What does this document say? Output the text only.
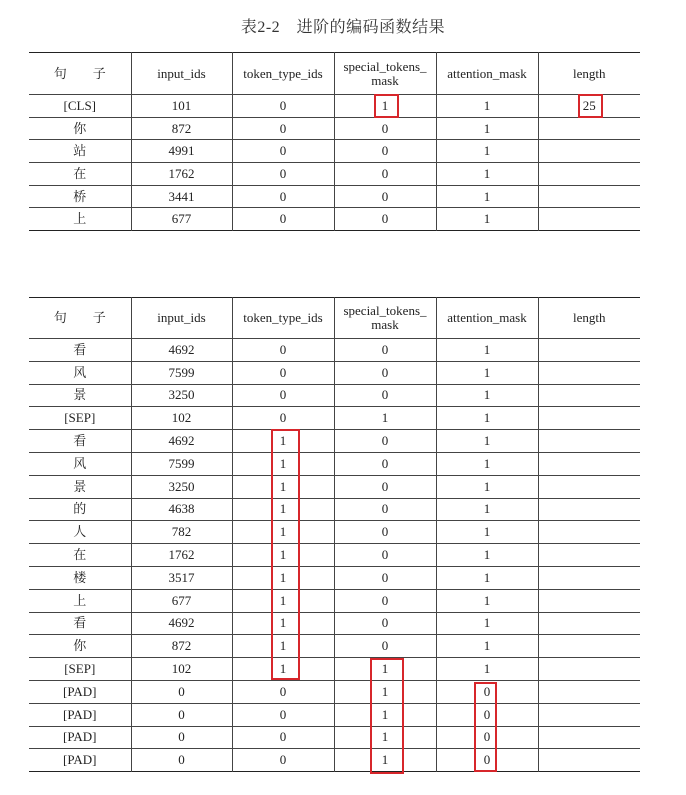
表2-2　进阶的编码函数结果
句　　子	input_ids	token_type_ids	special_tokens_mask	attention_mask	length
[CLS]	101	0	1	1	25
你	872	0	0	1	
站	4991	0	0	1	
在	1762	0	0	1	
桥	3441	0	0	1	
上	677	0	0	1	
句　　子	input_ids	token_type_ids	special_tokens_mask	attention_mask	length
看	4692	0	0	1	
风	7599	0	0	1	
景	3250	0	0	1	
[SEP]	102	0	1	1	
看	4692	1	0	1	
风	7599	1	0	1	
景	3250	1	0	1	
的	4638	1	0	1	
人	782	1	0	1	
在	1762	1	0	1	
楼	3517	1	0	1	
上	677	1	0	1	
看	4692	1	0	1	
你	872	1	0	1	
[SEP]	102	1	1	1	
[PAD]	0	0	1	0	
[PAD]	0	0	1	0	
[PAD]	0	0	1	0	
[PAD]	0	0	1	0	
